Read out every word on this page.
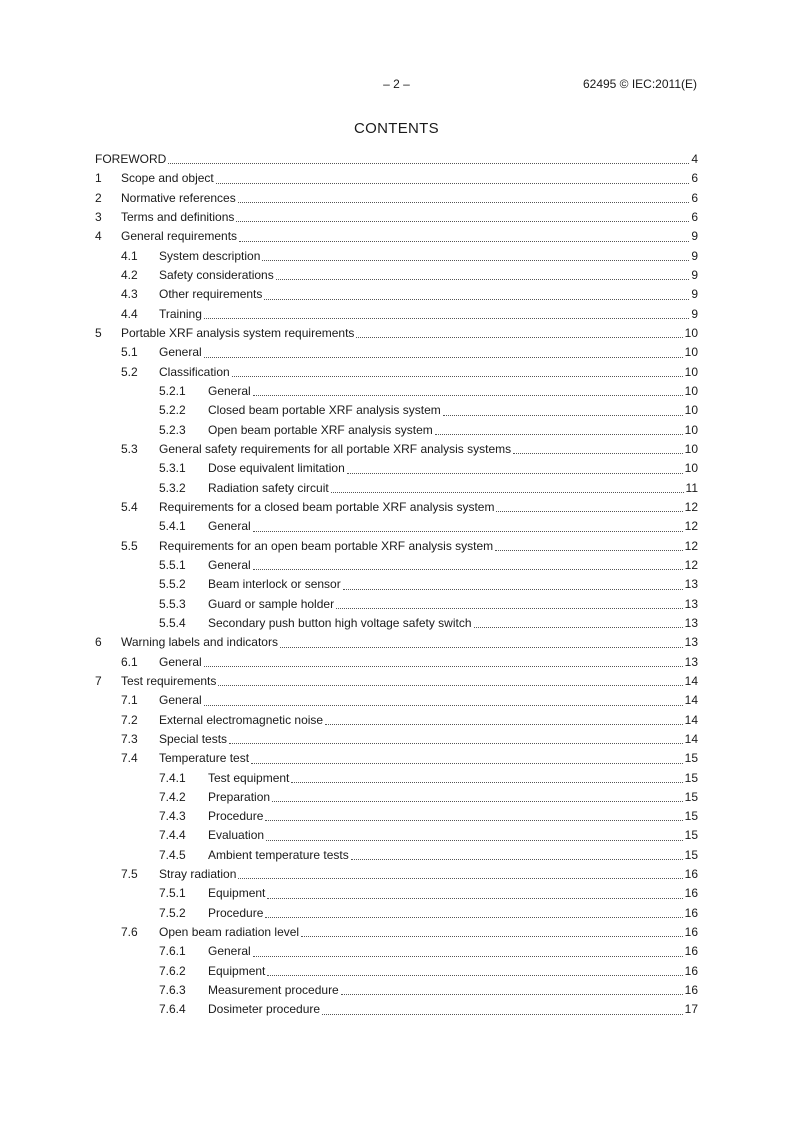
– 2 –	62495 © IEC:2011(E)
CONTENTS
FOREWORD	4
1	Scope and object	6
2	Normative references	6
3	Terms and definitions	6
4	General requirements	9
4.1	System description	9
4.2	Safety considerations	9
4.3	Other requirements	9
4.4	Training	9
5	Portable XRF analysis system requirements	10
5.1	General	10
5.2	Classification	10
5.2.1	General	10
5.2.2	Closed beam portable XRF analysis system	10
5.2.3	Open beam portable XRF analysis system	10
5.3	General safety requirements for all portable XRF analysis systems	10
5.3.1	Dose equivalent limitation	10
5.3.2	Radiation safety circuit	11
5.4	Requirements for a closed beam portable XRF analysis system	12
5.4.1	General	12
5.5	Requirements for an open beam portable XRF analysis system	12
5.5.1	General	12
5.5.2	Beam interlock or sensor	13
5.5.3	Guard or sample holder	13
5.5.4	Secondary push button high voltage safety switch	13
6	Warning labels and indicators	13
6.1	General	13
7	Test requirements	14
7.1	General	14
7.2	External electromagnetic noise	14
7.3	Special tests	14
7.4	Temperature test	15
7.4.1	Test equipment	15
7.4.2	Preparation	15
7.4.3	Procedure	15
7.4.4	Evaluation	15
7.4.5	Ambient temperature tests	15
7.5	Stray radiation	16
7.5.1	Equipment	16
7.5.2	Procedure	16
7.6	Open beam radiation level	16
7.6.1	General	16
7.6.2	Equipment	16
7.6.3	Measurement procedure	16
7.6.4	Dosimeter procedure	17
